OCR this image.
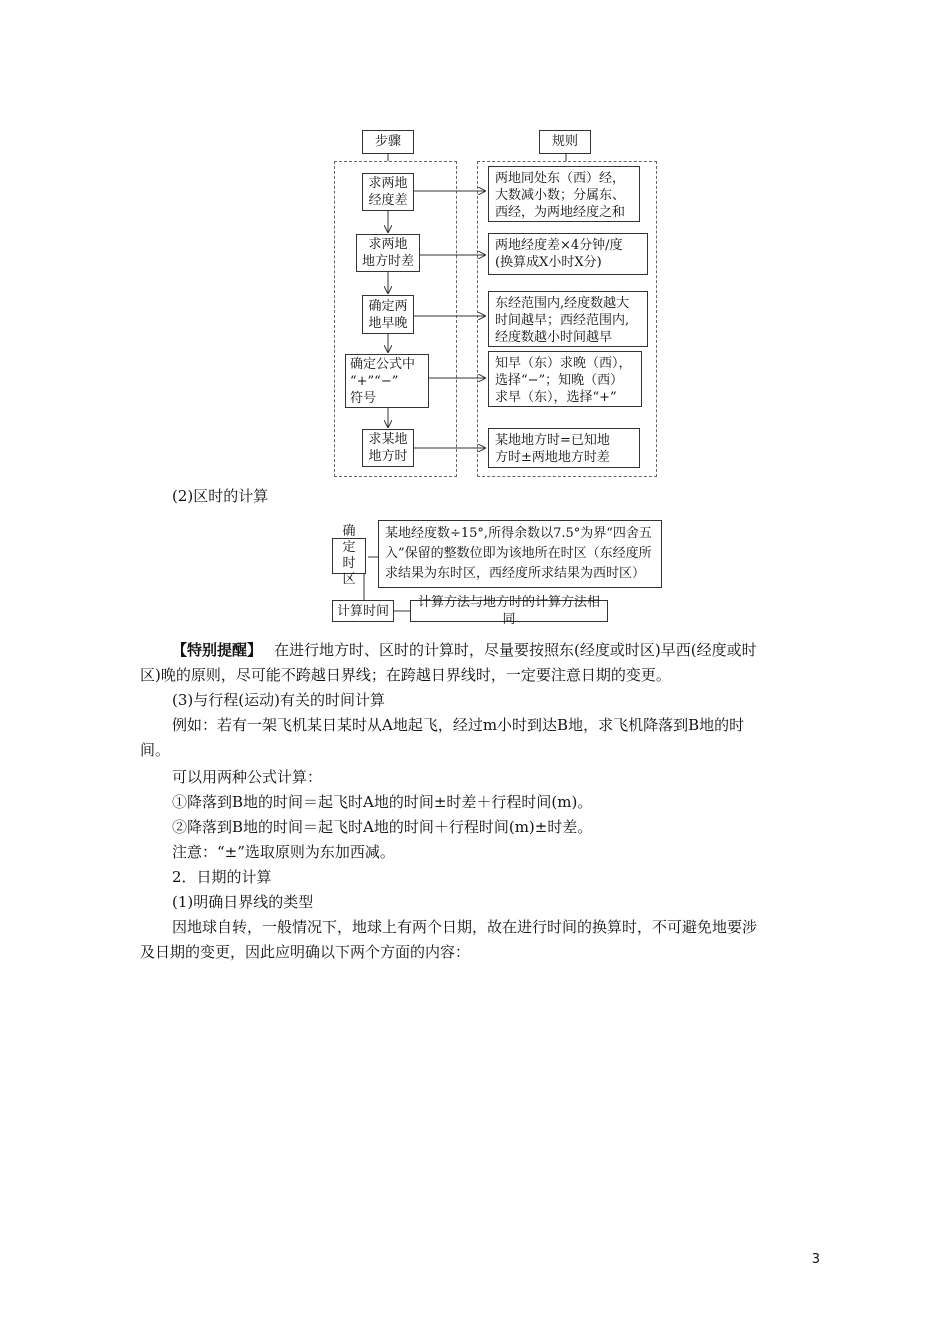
步骤	规则
求两地
经度差
求两地
地方时差
确定两
地早晚
确定公式中
“+”“−”
符号
求某地
地方时
两地同处东（西）经，
大数减小数；分属东、
西经，为两地经度之和
两地经度差×4分钟/度
(换算成X小时X分)
东经范围内,经度数越大
时间越早；西经范围内,
经度数越小时间越早
知早（东）求晚（西），
选择“−”；知晚（西）
求早（东），选择“+”
某地地方时=已知地
方时±两地地方时差
(2)区时的计算
确定
时区
某地经度数÷15°,所得余数以7.5°为界“四舍五
入”保留的整数位即为该地所在时区（东经度所
求结果为东时区，西经度所求结果为西时区）
计算时间
计算方法与地方时的计算方法相同
【特别提醒】 在进行地方时、区时的计算时，尽量要按照东(经度或时区)早西(经度或时
区)晚的原则，尽可能不跨越日界线；在跨越日界线时，一定要注意日期的变更。
(3)与行程(运动)有关的时间计算
例如：若有一架飞机某日某时从A地起飞，经过m小时到达B地，求飞机降落到B地的时
间。
可以用两种公式计算：
①降落到B地的时间＝起飞时A地的时间±时差＋行程时间(m)。
②降落到B地的时间＝起飞时A地的时间＋行程时间(m)±时差。
注意：“±”选取原则为东加西减。
2．日期的计算
(1)明确日界线的类型
因地球自转，一般情况下，地球上有两个日期，故在进行时间的换算时，不可避免地要涉
及日期的变更，因此应明确以下两个方面的内容：
3
